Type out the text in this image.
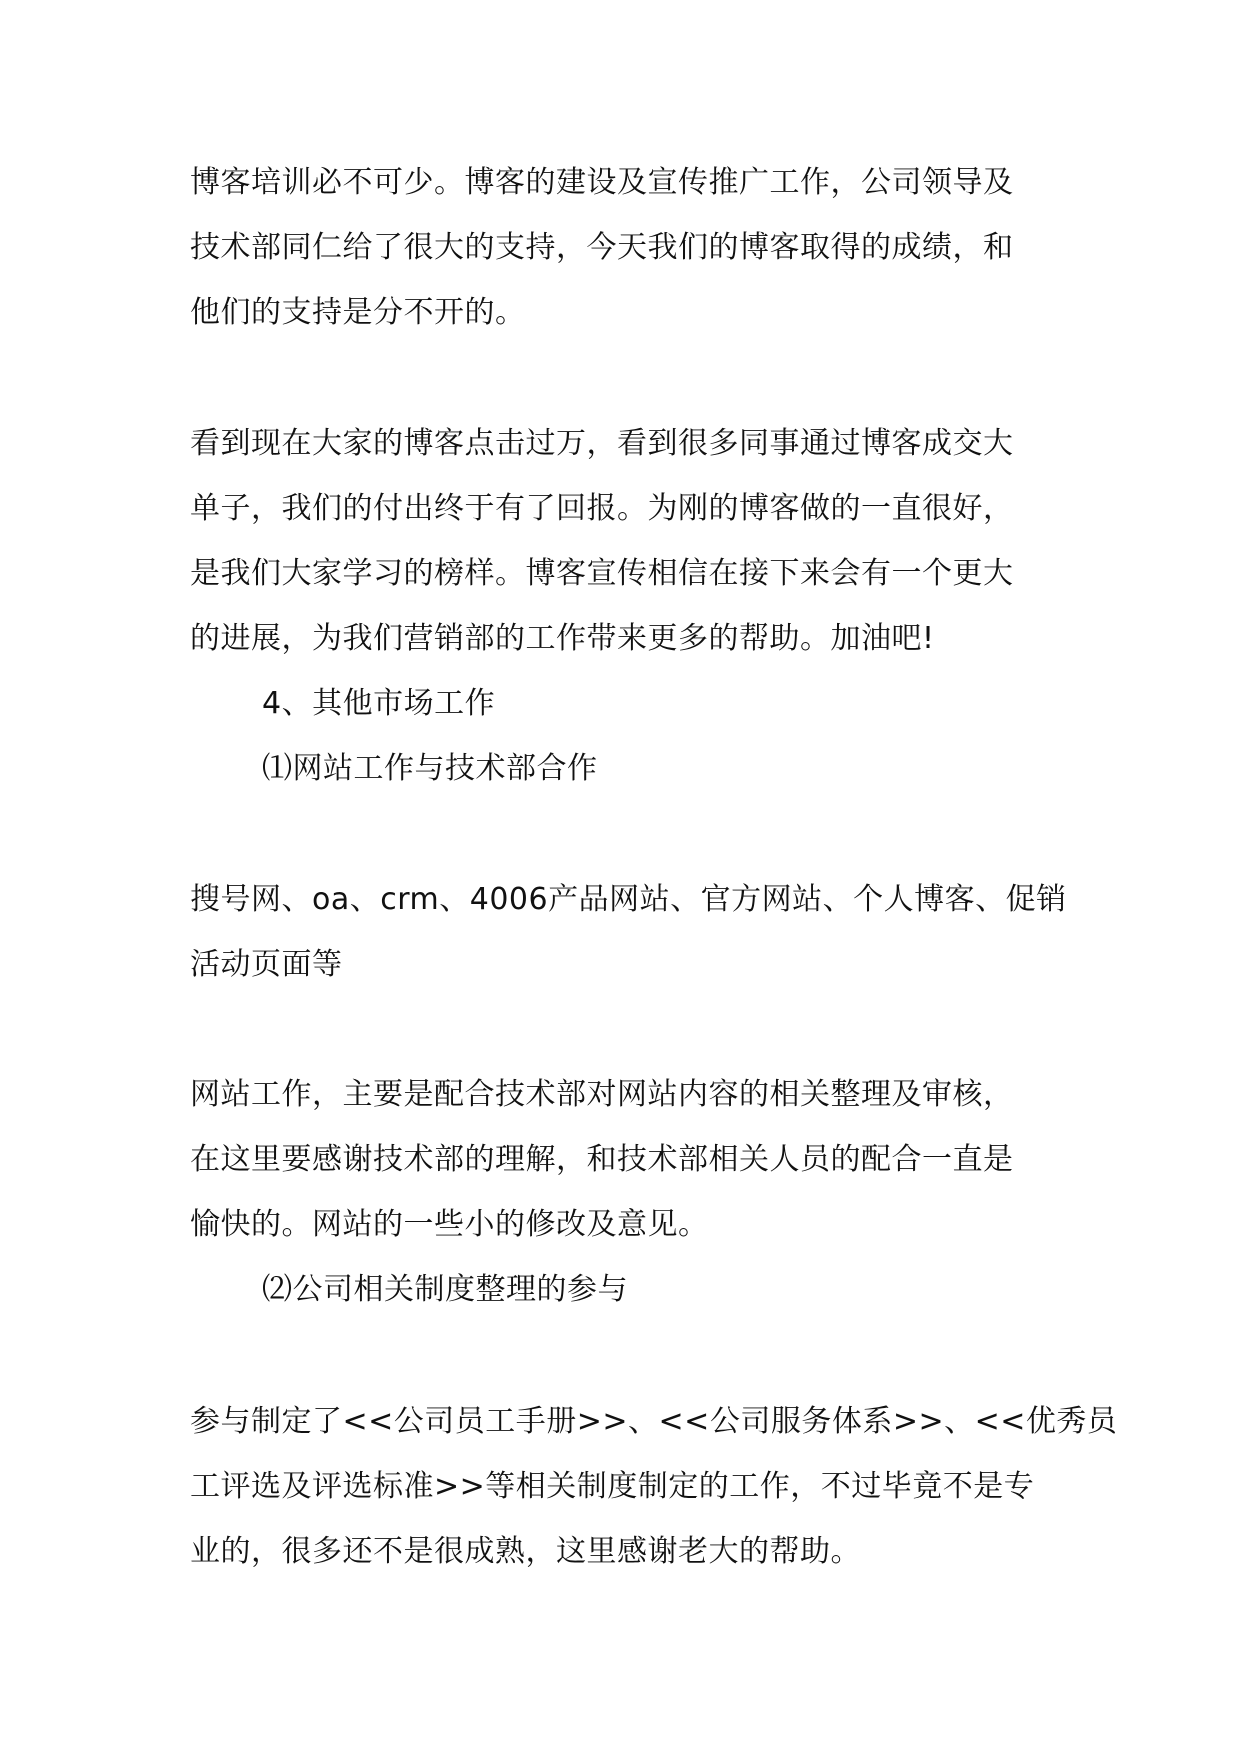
博客培训必不可少。博客的建设及宣传推广工作，公司领导及
技术部同仁给了很大的支持，今天我们的博客取得的成绩，和
他们的支持是分不开的。
看到现在大家的博客点击过万，看到很多同事通过博客成交大
单子，我们的付出终于有了回报。为刚的博客做的一直很好，
是我们大家学习的榜样。博客宣传相信在接下来会有一个更大
的进展，为我们营销部的工作带来更多的帮助。加油吧!
4、其他市场工作
⑴网站工作与技术部合作
搜号网、oa、crm、4006产品网站、官方网站、个人博客、促销
活动页面等
网站工作，主要是配合技术部对网站内容的相关整理及审核，
在这里要感谢技术部的理解，和技术部相关人员的配合一直是
愉快的。网站的一些小的修改及意见。
⑵公司相关制度整理的参与
参与制定了<<公司员工手册>>、<<公司服务体系>>、<<优秀员
工评选及评选标准>>等相关制度制定的工作，不过毕竟不是专
业的，很多还不是很成熟，这里感谢老大的帮助。
